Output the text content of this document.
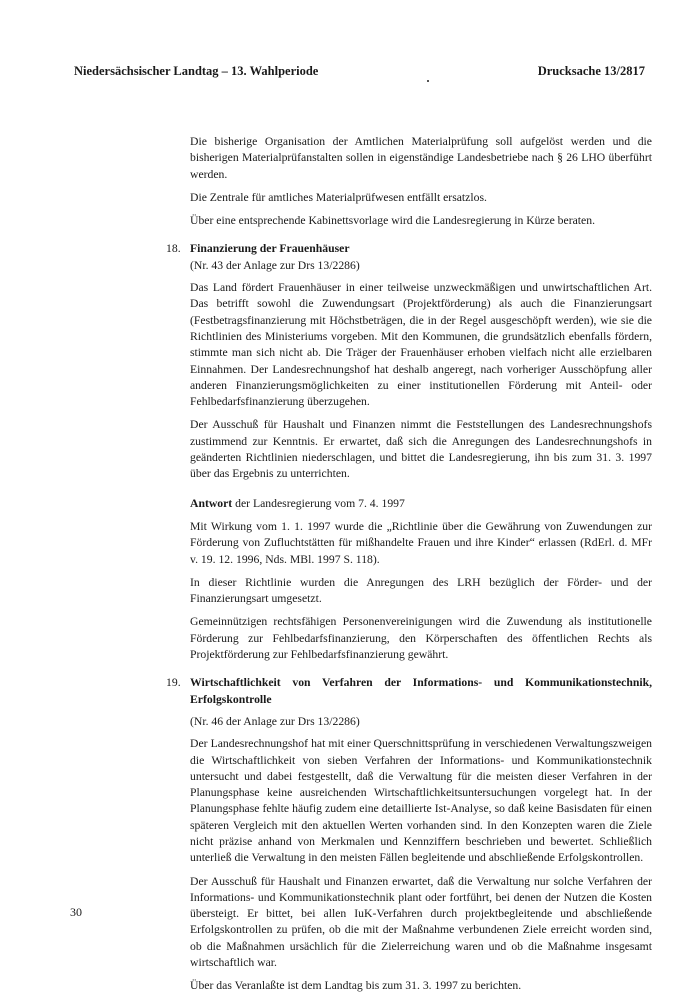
Niedersächsischer Landtag – 13. Wahlperiode	Drucksache 13/2817

Die bisherige Organisation der Amtlichen Materialprüfung soll aufgelöst werden und die bisherigen Materialprüfanstalten sollen in eigenständige Landesbetriebe nach § 26 LHO überführt werden.

Die Zentrale für amtliches Materialprüfwesen entfällt ersatzlos.

Über eine entsprechende Kabinettsvorlage wird die Landesregierung in Kürze beraten.

18. Finanzierung der Frauenhäuser

(Nr. 43 der Anlage zur Drs 13/2286)

Das Land fördert Frauenhäuser in einer teilweise unzweckmäßigen und unwirtschaftlichen Art. Das betrifft sowohl die Zuwendungsart (Projektförderung) als auch die Finanzierungsart (Festbetragsfinanzierung mit Höchstbeträgen, die in der Regel ausgeschöpft werden), wie sie die Richtlinien des Ministeriums vorgeben. Mit den Kommunen, die grundsätzlich ebenfalls fördern, stimmte man sich nicht ab. Die Träger der Frauenhäuser erhoben vielfach nicht alle erzielbaren Einnahmen. Der Landesrechnungshof hat deshalb angeregt, nach vorheriger Ausschöpfung aller anderen Finanzierungsmöglichkeiten zu einer institutionellen Förderung mit Anteil- oder Fehlbedarfsfinanzierung überzugehen.

Der Ausschuß für Haushalt und Finanzen nimmt die Feststellungen des Landesrechnungshofs zustimmend zur Kenntnis. Er erwartet, daß sich die Anregungen des Landesrechnungshofs in geänderten Richtlinien niederschlagen, und bittet die Landesregierung, ihn bis zum 31. 3. 1997 über das Ergebnis zu unterrichten.

Antwort der Landesregierung vom 7. 4. 1997

Mit Wirkung vom 1. 1. 1997 wurde die „Richtlinie über die Gewährung von Zuwendungen zur Förderung von Zufluchtstätten für mißhandelte Frauen und ihre Kinder“ erlassen (RdErl. d. MFr v. 19. 12. 1996, Nds. MBl. 1997 S. 118).

In dieser Richtlinie wurden die Anregungen des LRH bezüglich der Förder- und der Finanzierungsart umgesetzt.

Gemeinnützigen rechtsfähigen Personenvereinigungen wird die Zuwendung als institutionelle Förderung zur Fehlbedarfsfinanzierung, den Körperschaften des öffentlichen Rechts als Projektförderung zur Fehlbedarfsfinanzierung gewährt.

19. Wirtschaftlichkeit von Verfahren der Informations- und Kommunikationstechnik, Erfolgskontrolle

(Nr. 46 der Anlage zur Drs 13/2286)

Der Landesrechnungshof hat mit einer Querschnittsprüfung in verschiedenen Verwaltungszweigen die Wirtschaftlichkeit von sieben Verfahren der Informations- und Kommunikationstechnik untersucht und dabei festgestellt, daß die Verwaltung für die meisten dieser Verfahren in der Planungsphase keine ausreichenden Wirtschaftlichkeitsuntersuchungen vorgelegt hat. In der Planungsphase fehlte häufig zudem eine detaillierte Ist-Analyse, so daß keine Basisdaten für einen späteren Vergleich mit den aktuellen Werten vorhanden sind. In den Konzepten waren die Ziele nicht präzise anhand von Merkmalen und Kennziffern beschrieben und bewertet. Schließlich unterließ die Verwaltung in den meisten Fällen begleitende und abschließende Erfolgskontrollen.

Der Ausschuß für Haushalt und Finanzen erwartet, daß die Verwaltung nur solche Verfahren der Informations- und Kommunikationstechnik plant oder fortführt, bei denen der Nutzen die Kosten übersteigt. Er bittet, bei allen IuK-Verfahren durch projektbegleitende und abschließende Erfolgskontrollen zu prüfen, ob die mit der Maßnahme verbundenen Ziele erreicht worden sind, ob die Maßnahmen ursächlich für die Zielerreichung waren und ob die Maßnahme insgesamt wirtschaftlich war.

Über das Veranlaßte ist dem Landtag bis zum 31. 3. 1997 zu berichten.

30
